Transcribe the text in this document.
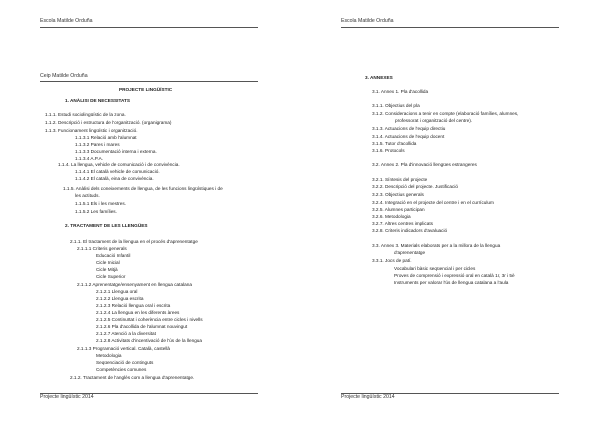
Escola Matilde Orduña
Ceip Matilde Orduña
PROJECTE LINGÜÍSTIC
1. ANÀLISI DE NECESSITATS
1.1.1. Estudi sociolingüístic de la zona.
1.1.2. Descripció i estructura de l'organització. (organigrama)
1.1.3. Funcionament lingüístic i organització.
1.1.3.1 Relació amb l'alumnat
1.1.3.2 Pares i mares
1.1.3.3 Documentació interna i externa.
1.1.3.4 A.P.A.
1.1.4. La llengua, vehicle de comunicació i de convivència.
1.1.4.1 El català vehicle de comunicació.
1.1.4.2 El català, eina de convivència.
1.1.5. Anàlisi dels coneixements de llengua, de les funcions lingüístiques i de
les actituds.
1.1.5.1 Els i les mestres.
1.1.5.2 Les famílies.
2. TRACTAMENT DE LES LLENGÜES
2.1.1. El tractament de la llengua en el procés d'aprenentatge
2.1.1.1 Criteris generals
Educació Infantil
Cicle Inicial
Cicle Mitjà
Cicle Superior
2.1.1.2 Aprenentatge/ensenyament en llengua catalana
2.1.2.1 Llengua oral
2.1.2.2 Llengua escrita
2.1.2.3 Relació llengua oral i escrita
2.1.2.4 La llengua en les diferents àrees
2.1.2.5 Continuïtat i coherència entre cicles i nivells
2.1.2.6 Pla d'acollida de l'alumnat nouvingut
2.1.2.7 Atenció a la diversitat
2.1.2.8 Activitats d'incentivació de l'ús de la llengua
2.1.1.3 Programació vertical. Català, castellà
Metodologia
Seqüenciació de continguts
Competències comunes
2.1.2. Tractament de l'anglès com a llengua d'aprenentatge.
Projecte lingüístic 2014
Escola Matilde Orduña
3. ANNEXES
3.1. Annex 1. Pla d'acollida
3.1.1. Objectius del pla
3.1.2. Consideracions a tenir en compte (elaboració famílies, alumnes,
professorat i organització del centre).
3.1.3. Actuacions de l'equip directiu
3.1.4. Actuacions de l'equip docent
3.1.5. Tutor d'acollida
3.1.6. Protocols
3.2. Annex 2. Pla d'innovació llengües estrangeres
3.2.1. Síntesis del projecte
3.2.2. Descripció del projecte. Justificació
3.2.3. Objectius generals
3.2.4. Integració en el projecte del centre i en el currículum
3.2.5. Alumnes participan
3.2.6. Metodologia
3.2.7. Altres centres implicats
3.2.8. Criteris indicadors d'avaluació
3.3. Annex 3. Materials elaborats per a la millora de la llengua
d'aprenentatge
3.3.1. Jocs de patí.
Vocabulari bàsic seqüencial i per cicles
Proves de comprensió i expressió oral en català 1r, 3r i 5è
Instruments per valorar l'ús de llengua catalana a l'aula
Projecte lingüístic 2014
